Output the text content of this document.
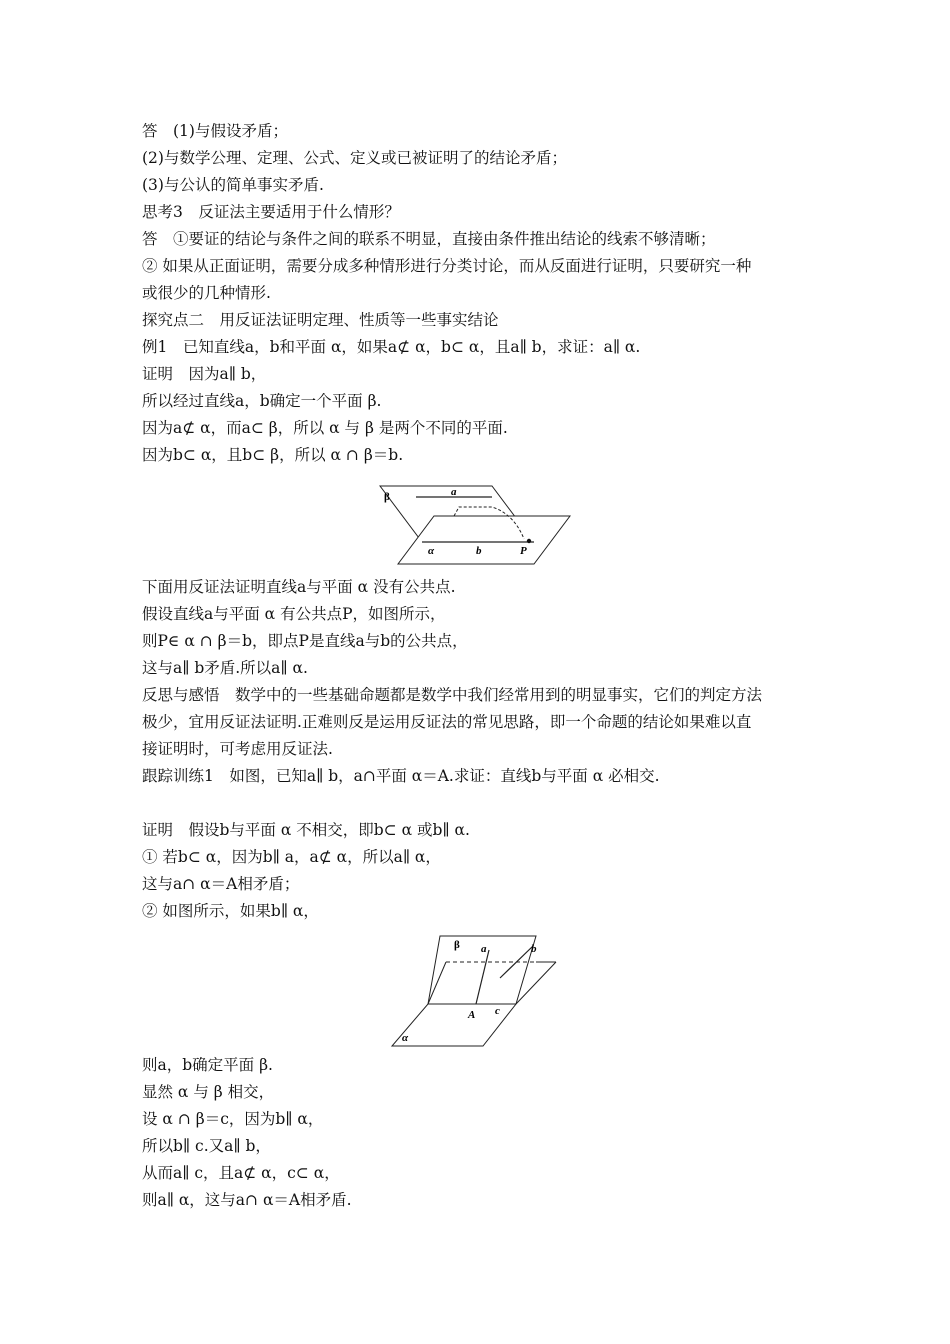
答　(1)与假设矛盾；
(2)与数学公理、定理、公式、定义或已被证明了的结论矛盾；
(3)与公认的简单事实矛盾.
思考3　反证法主要适用于什么情形？
答　①要证的结论与条件之间的联系不明显，直接由条件推出结论的线索不够清晰；
② 如果从正面证明，需要分成多种情形进行分类讨论，而从反面进行证明，只要研究一种
或很少的几种情形.
探究点二　用反证法证明定理、性质等一些事实结论
例1　已知直线a，b和平面 α，如果a⊄ α，b⊂ α，且a∥ b，求证：a∥ α.
证明　因为a∥ b，
所以经过直线a，b确定一个平面 β.
因为a⊄ α，而a⊂ β，所以 α 与 β 是两个不同的平面.
因为b⊂ α，且b⊂ β，所以 α ∩ β＝b.
β	a
α	b	P
下面用反证法证明直线a与平面 α 没有公共点.
假设直线a与平面 α 有公共点P，如图所示，
则P∈ α ∩ β＝b，即点P是直线a与b的公共点，
这与a∥ b矛盾.所以a∥ α.
反思与感悟　数学中的一些基础命题都是数学中我们经常用到的明显事实，它们的判定方法
极少，宜用反证法证明.正难则反是运用反证法的常见思路，即一个命题的结论如果难以直
接证明时，可考虑用反证法.
跟踪训练1　如图，已知a∥ b，a∩平面 α＝A.求证：直线b与平面 α 必相交.
证明　假设b与平面 α 不相交，即b⊂ α 或b∥ α.
① 若b⊂ α，因为b∥ a，a⊄ α，所以a∥ α，
这与a∩ α＝A相矛盾；
② 如图所示，如果b∥ α，
β a	b
A c
α
则a，b确定平面 β.
显然 α 与 β 相交，
设 α ∩ β＝c，因为b∥ α，
所以b∥ c.又a∥ b，
从而a∥ c，且a⊄ α，c⊂ α，
则a∥ α，这与a∩ α＝A相矛盾.
